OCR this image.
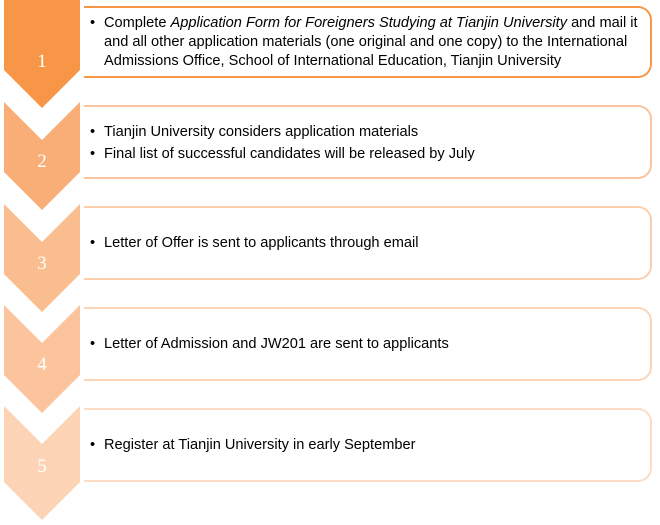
1
• Complete Application Form for Foreigners Studying at Tianjin University and mail it and all other application materials (one original and one copy) to the International Admissions Office, School of International Education, Tianjin University
2
• Tianjin University considers application materials
• Final list of successful candidates will be released by July
3
• Letter of Offer is sent to applicants through email
4
• Letter of Admission and JW201 are sent to applicants
5
• Register at Tianjin University in early September
